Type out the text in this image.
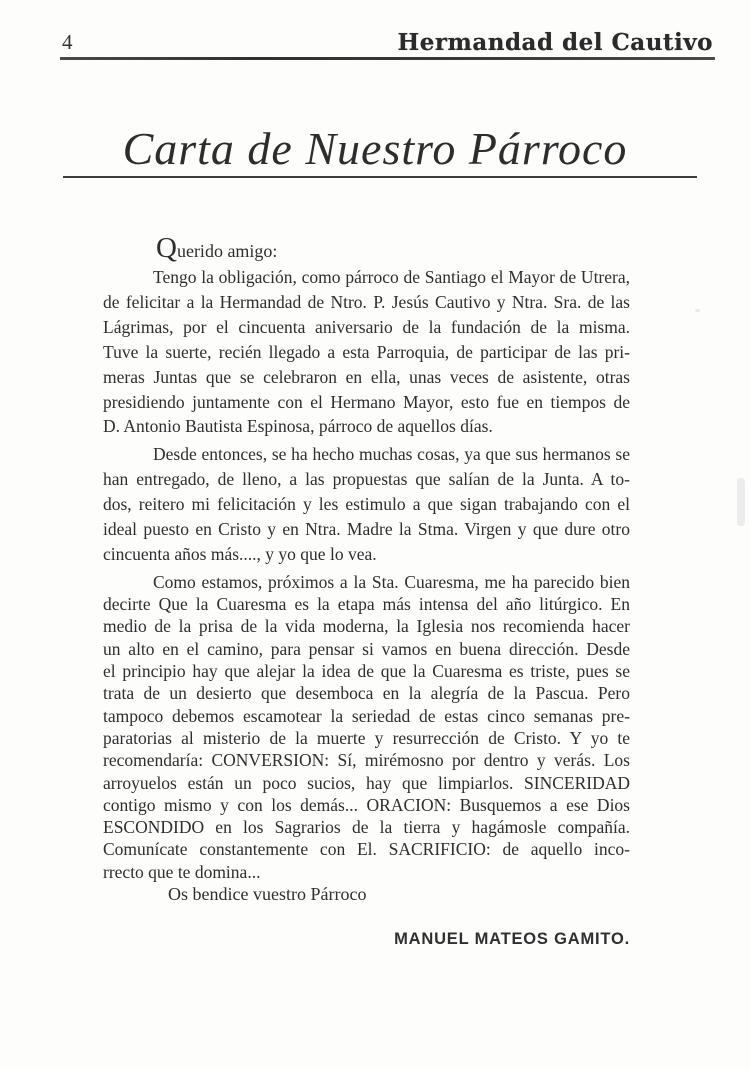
4	Hermandad del Cautivo
Carta de Nuestro Párroco
Querido amigo:
Tengo la obligación, como párroco de Santiago el Mayor de Utrera,
de felicitar a la Hermandad de Ntro. P. Jesús Cautivo y Ntra. Sra. de las
Lágrimas, por el cincuenta aniversario de la fundación de la misma.
Tuve la suerte, recién llegado a esta Parroquia, de participar de las pri-
meras Juntas que se celebraron en ella, unas veces de asistente, otras
presidiendo juntamente con el Hermano Mayor, esto fue en tiempos de
D. Antonio Bautista Espinosa, párroco de aquellos días.
Desde entonces, se ha hecho muchas cosas, ya que sus hermanos se
han entregado, de lleno, a las propuestas que salían de la Junta. A to-
dos, reitero mi felicitación y les estimulo a que sigan trabajando con el
ideal puesto en Cristo y en Ntra. Madre la Stma. Virgen y que dure otro
cincuenta años más...., y yo que lo vea.
Como estamos, próximos a la Sta. Cuaresma, me ha parecido bien
decirte Que la Cuaresma es la etapa más intensa del año litúrgico. En
medio de la prisa de la vida moderna, la Iglesia nos recomienda hacer
un alto en el camino, para pensar si vamos en buena dirección. Desde
el principio hay que alejar la idea de que la Cuaresma es triste, pues se
trata de un desierto que desemboca en la alegría de la Pascua. Pero
tampoco debemos escamotear la seriedad de estas cinco semanas pre-
paratorias al misterio de la muerte y resurrección de Cristo. Y yo te
recomendaría: CONVERSION: Sí, mirémosno por dentro y verás. Los
arroyuelos están un poco sucios, hay que limpiarlos. SINCERIDAD
contigo mismo y con los demás... ORACION: Busquemos a ese Dios
ESCONDIDO en los Sagrarios de la tierra y hagámosle compañía.
Comunícate constantemente con El. SACRIFICIO: de aquello inco-
rrecto que te domina...
Os bendice vuestro Párroco
MANUEL MATEOS GAMITO.
